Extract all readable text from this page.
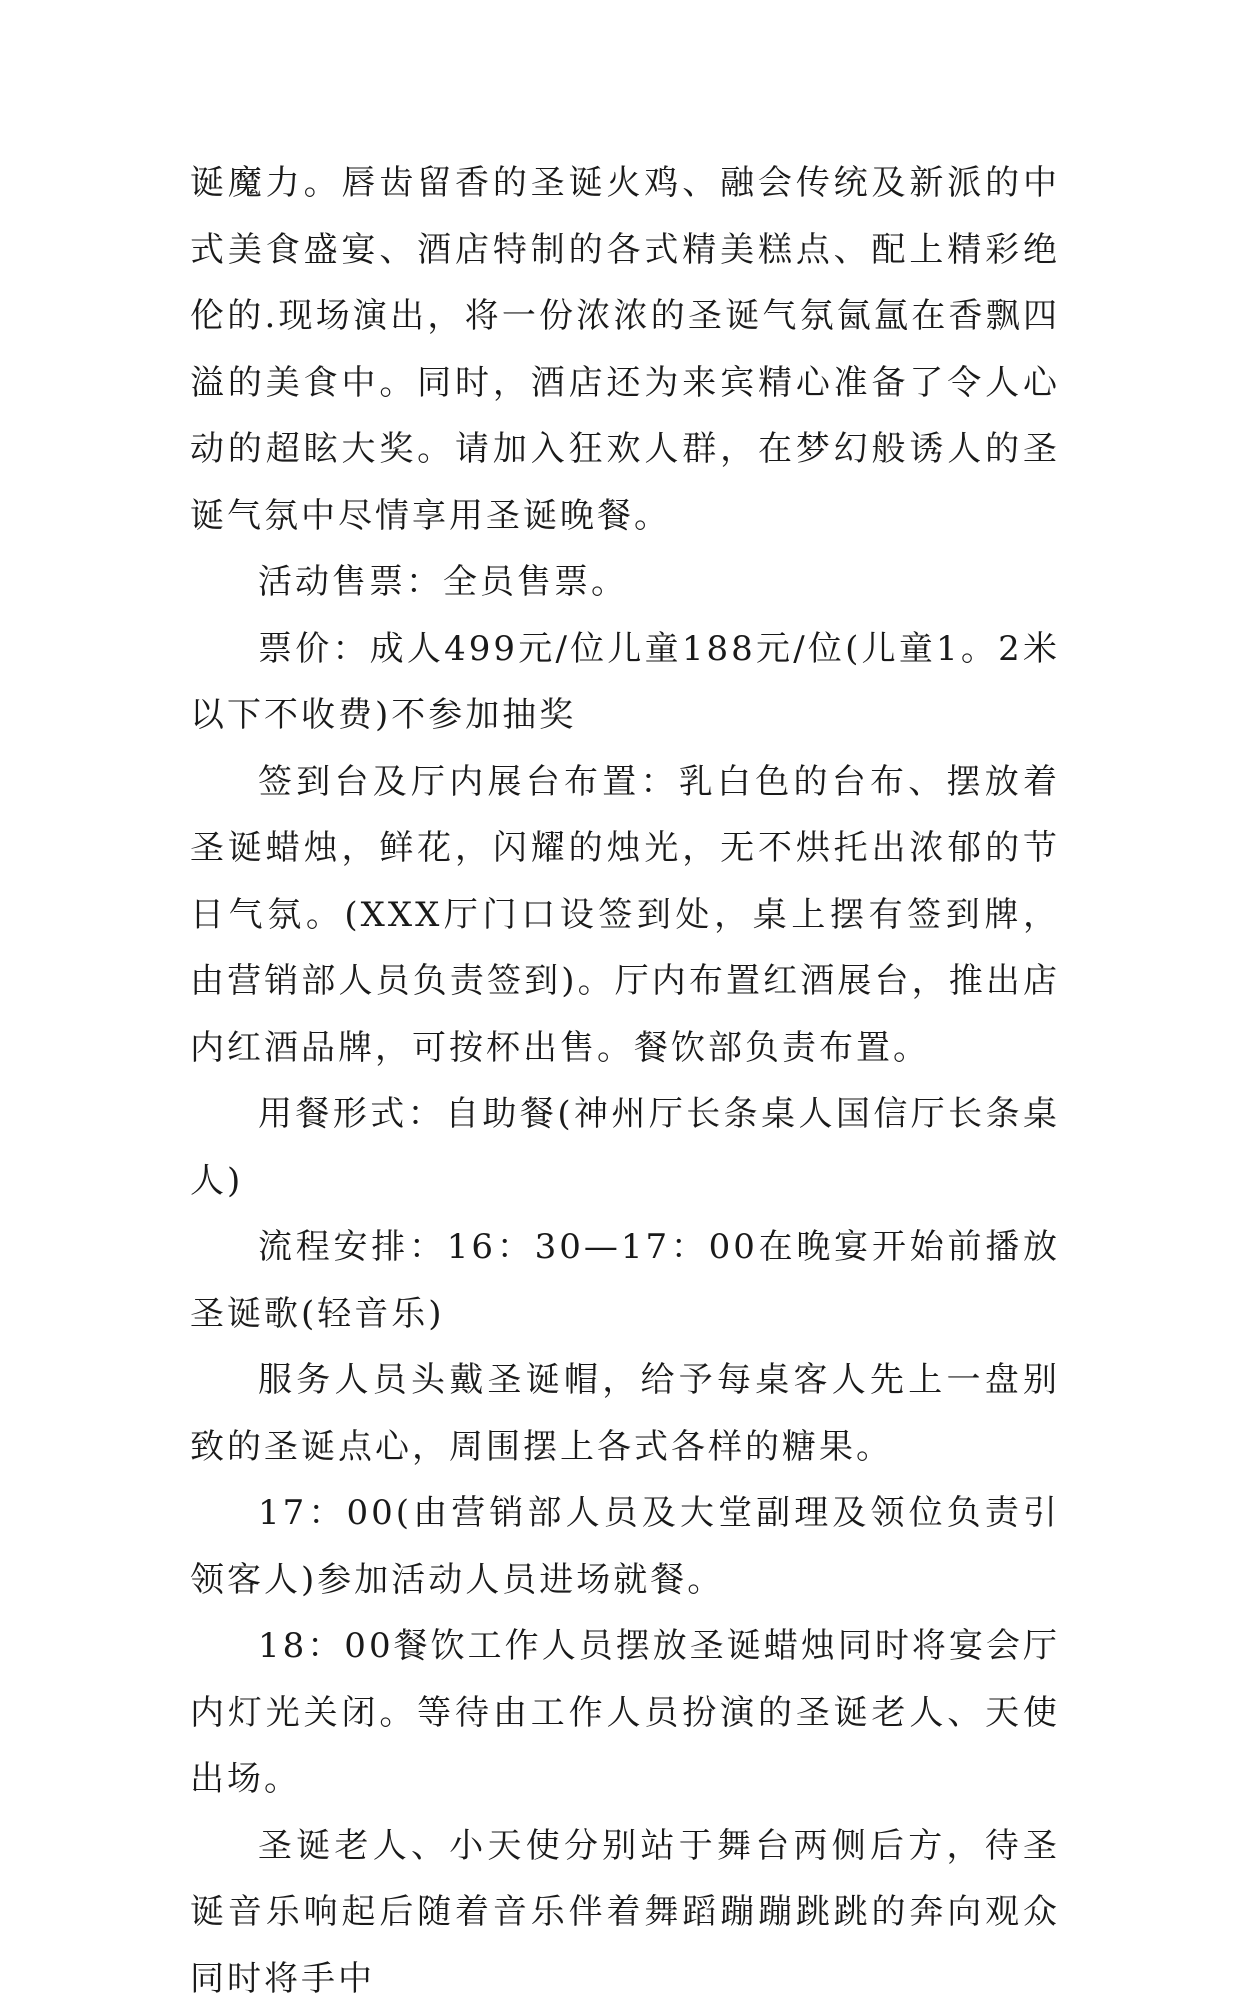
诞魔力。唇齿留香的圣诞火鸡、融会传统及新派的中式美食盛宴、酒店特制的各式精美糕点、配上精彩绝伦的.现场演出，将一份浓浓的圣诞气氛氤氲在香飘四溢的美食中。同时，酒店还为来宾精心准备了令人心动的超眩大奖。请加入狂欢人群，在梦幻般诱人的圣诞气氛中尽情享用圣诞晚餐。

活动售票：全员售票。

票价：成人499元/位儿童188元/位(儿童1。2米以下不收费)不参加抽奖

签到台及厅内展台布置：乳白色的台布、摆放着圣诞蜡烛，鲜花，闪耀的烛光，无不烘托出浓郁的节日气氛。(XXX厅门口设签到处，桌上摆有签到牌，由营销部人员负责签到)。厅内布置红酒展台，推出店内红酒品牌，可按杯出售。餐饮部负责布置。

用餐形式：自助餐(神州厅长条桌人国信厅长条桌人)

流程安排：16：30—17：00在晚宴开始前播放圣诞歌(轻音乐)

服务人员头戴圣诞帽，给予每桌客人先上一盘别致的圣诞点心，周围摆上各式各样的糖果。

17：00(由营销部人员及大堂副理及领位负责引领客人)参加活动人员进场就餐。

18：00餐饮工作人员摆放圣诞蜡烛同时将宴会厅内灯光关闭。等待由工作人员扮演的圣诞老人、天使出场。

圣诞老人、小天使分别站于舞台两侧后方，待圣诞音乐响起后随着音乐伴着舞蹈蹦蹦跳跳的奔向观众同时将手中
